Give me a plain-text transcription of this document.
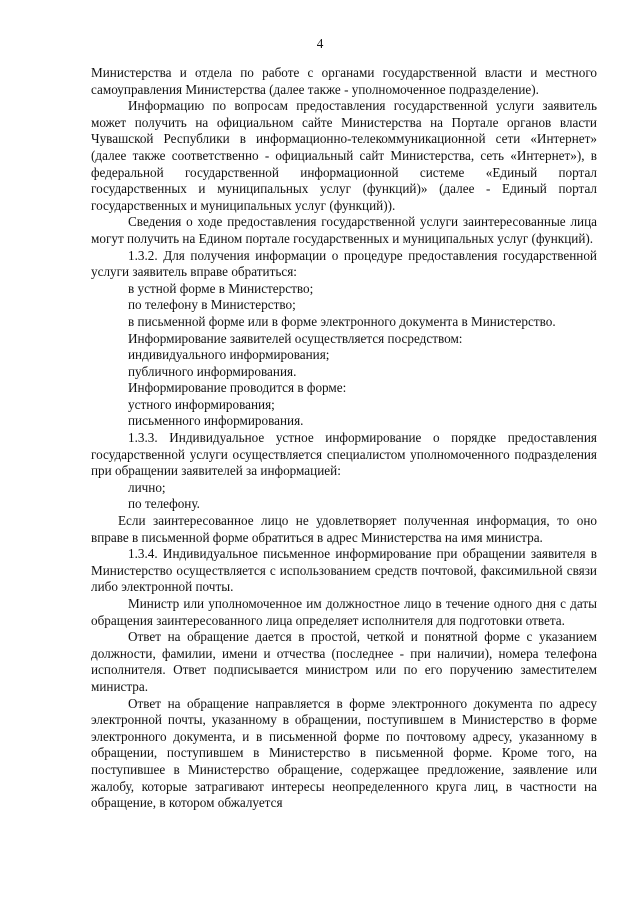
4

Министерства и отдела по работе с органами государственной власти и местного самоуправления Министерства (далее также - уполномоченное подразделение).

Информацию по вопросам предоставления государственной услуги заявитель может получить на официальном сайте Министерства на Портале органов власти Чувашской Республики в информационно-телекоммуникационной сети «Интернет» (далее также соответственно - официальный сайт Министерства, сеть «Интернет»), в федеральной государственной информационной системе «Единый портал государственных и муниципальных услуг (функций)» (далее - Единый портал государственных и муниципальных услуг (функций)).

Сведения о ходе предоставления государственной услуги заинтересованные лица могут получить на Едином портале государственных и муниципальных услуг (функций).

1.3.2. Для получения информации о процедуре предоставления государственной услуги заявитель вправе обратиться:

в устной форме в Министерство;

по телефону в Министерство;

в письменной форме или в форме электронного документа в Министерство.

Информирование заявителей осуществляется посредством:

индивидуального информирования;

публичного информирования.

Информирование проводится в форме:

устного информирования;

письменного информирования.

1.3.3. Индивидуальное устное информирование о порядке предоставления государственной услуги осуществляется специалистом уполномоченного подразделения при обращении заявителей за информацией:

лично;

по телефону.

Если заинтересованное лицо не удовлетворяет полученная информация, то оно вправе в письменной форме обратиться в адрес Министерства на имя министра.

1.3.4. Индивидуальное письменное информирование при обращении заявителя в Министерство осуществляется с использованием средств почтовой, факсимильной связи либо электронной почты.

Министр или уполномоченное им должностное лицо в течение одного дня с даты обращения заинтересованного лица определяет исполнителя для подготовки ответа.

Ответ на обращение дается в простой, четкой и понятной форме с указанием должности, фамилии, имени и отчества (последнее - при наличии), номера телефона исполнителя. Ответ подписывается министром или по его поручению заместителем министра.

Ответ на обращение направляется в форме электронного документа по адресу электронной почты, указанному в обращении, поступившем в Министерство в форме электронного документа, и в письменной форме по почтовому адресу, указанному в обращении, поступившем в Министерство в письменной форме. Кроме того, на поступившее в Министерство обращение, содержащее предложение, заявление или жалобу, которые затрагивают интересы неопределенного круга лиц, в частности на обращение, в котором обжалуется
